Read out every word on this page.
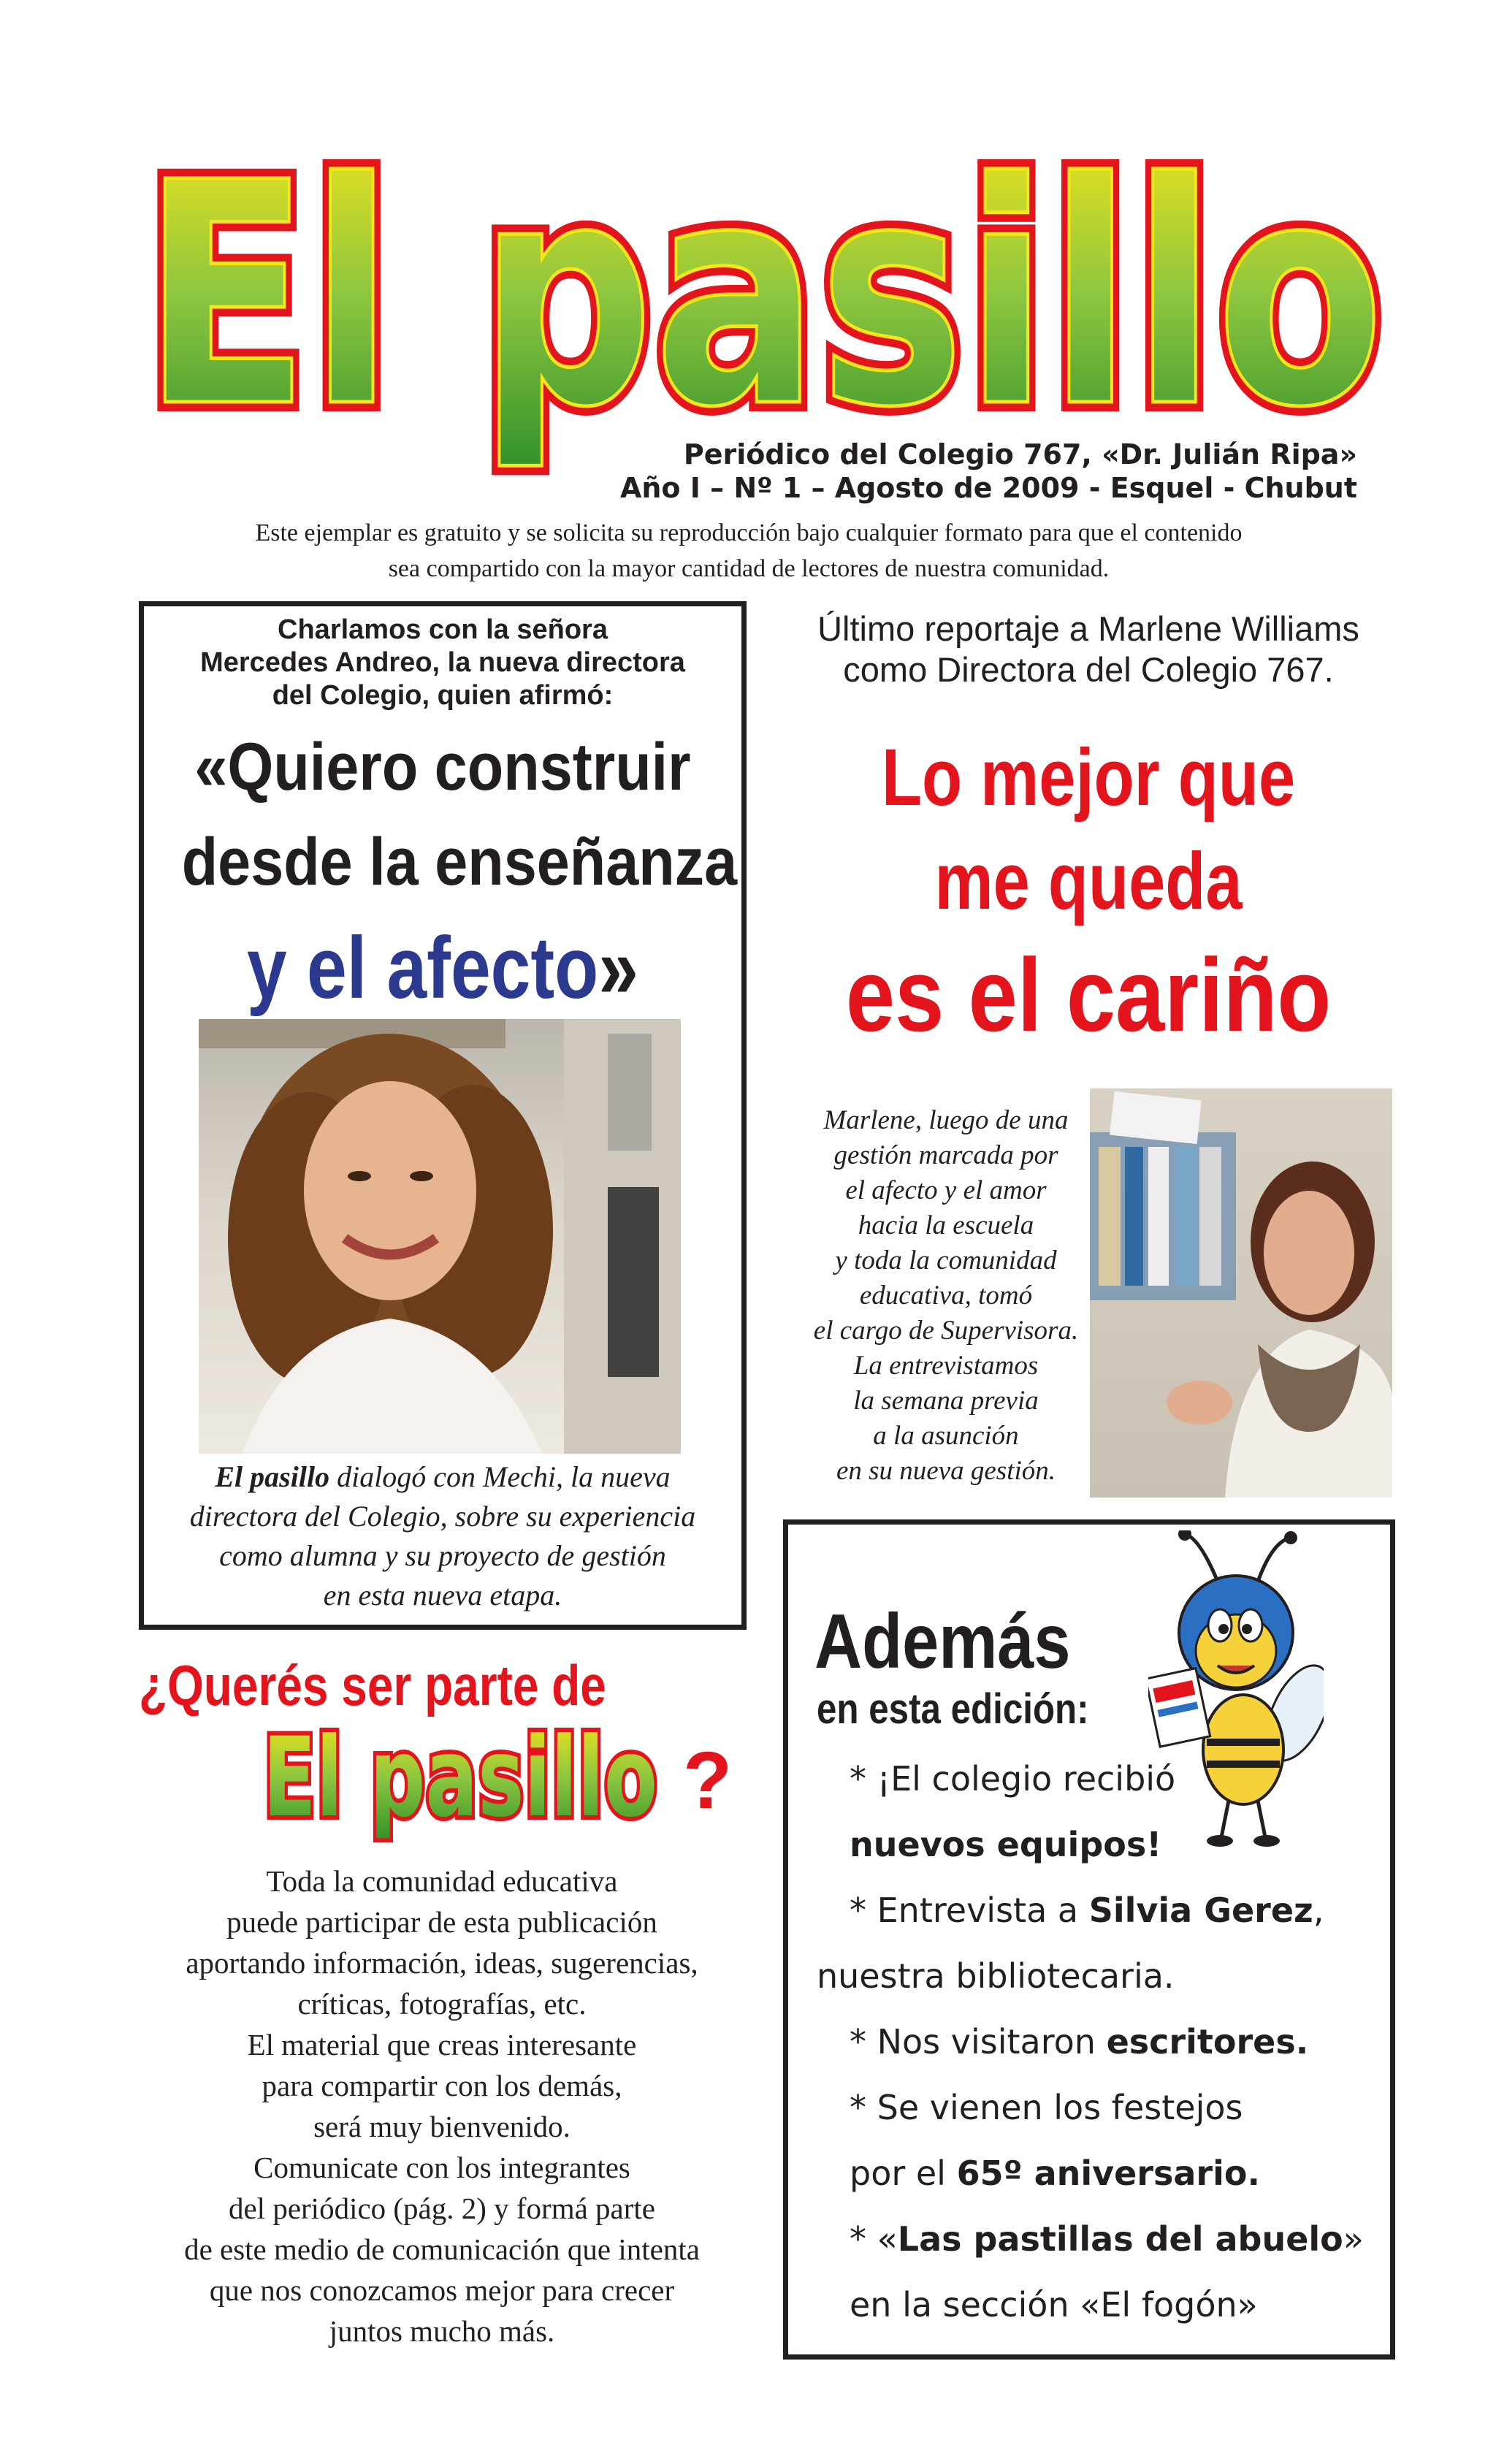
El pasillo
El pasillo
Periódico del Colegio 767, «Dr. Julián Ripa»
Año I – Nº 1 – Agosto de 2009 - Esquel - Chubut
Este ejemplar es gratuito y se solicita su reproducción bajo cualquier formato para que el contenido
sea compartido con la mayor cantidad de lectores de nuestra comunidad.
Charlamos con la señora
Mercedes Andreo, la nueva directora
del Colegio, quien afirmó:
«Quiero construir
desde la enseñanza
y el afecto»
El pasillo dialogó con Mechi, la nueva
directora del Colegio, sobre su experiencia
como alumna y su proyecto de gestión
en esta nueva etapa.
Último reportaje a Marlene Williams
como Directora del Colegio 767.
Lo mejor que
me queda
es el cariño
Marlene, luego de una
gestión marcada por
el afecto y el amor
hacia la escuela
y toda la comunidad
educativa, tomó
el cargo de Supervisora.
La entrevistamos
la semana previa
a la asunción
en su nueva gestión.
Además
en esta edición:
* ¡El colegio recibió
nuevos equipos!
* Entrevista a Silvia Gerez,
nuestra bibliotecaria.
* Nos visitaron escritores.
* Se vienen los festejos
por el 65º aniversario.
* «Las pastillas del abuelo»
en la sección «El fogón»
¿Querés ser parte de
El pasillo ?
Toda la comunidad educativa
puede participar de esta publicación
aportando información, ideas, sugerencias,
críticas, fotografías, etc.
El material que creas interesante
para compartir con los demás,
será muy bienvenido.
Comunicate con los integrantes
del periódico (pág. 2) y formá parte
de este medio de comunicación que intenta
que nos conozcamos mejor para crecer
juntos mucho más.
